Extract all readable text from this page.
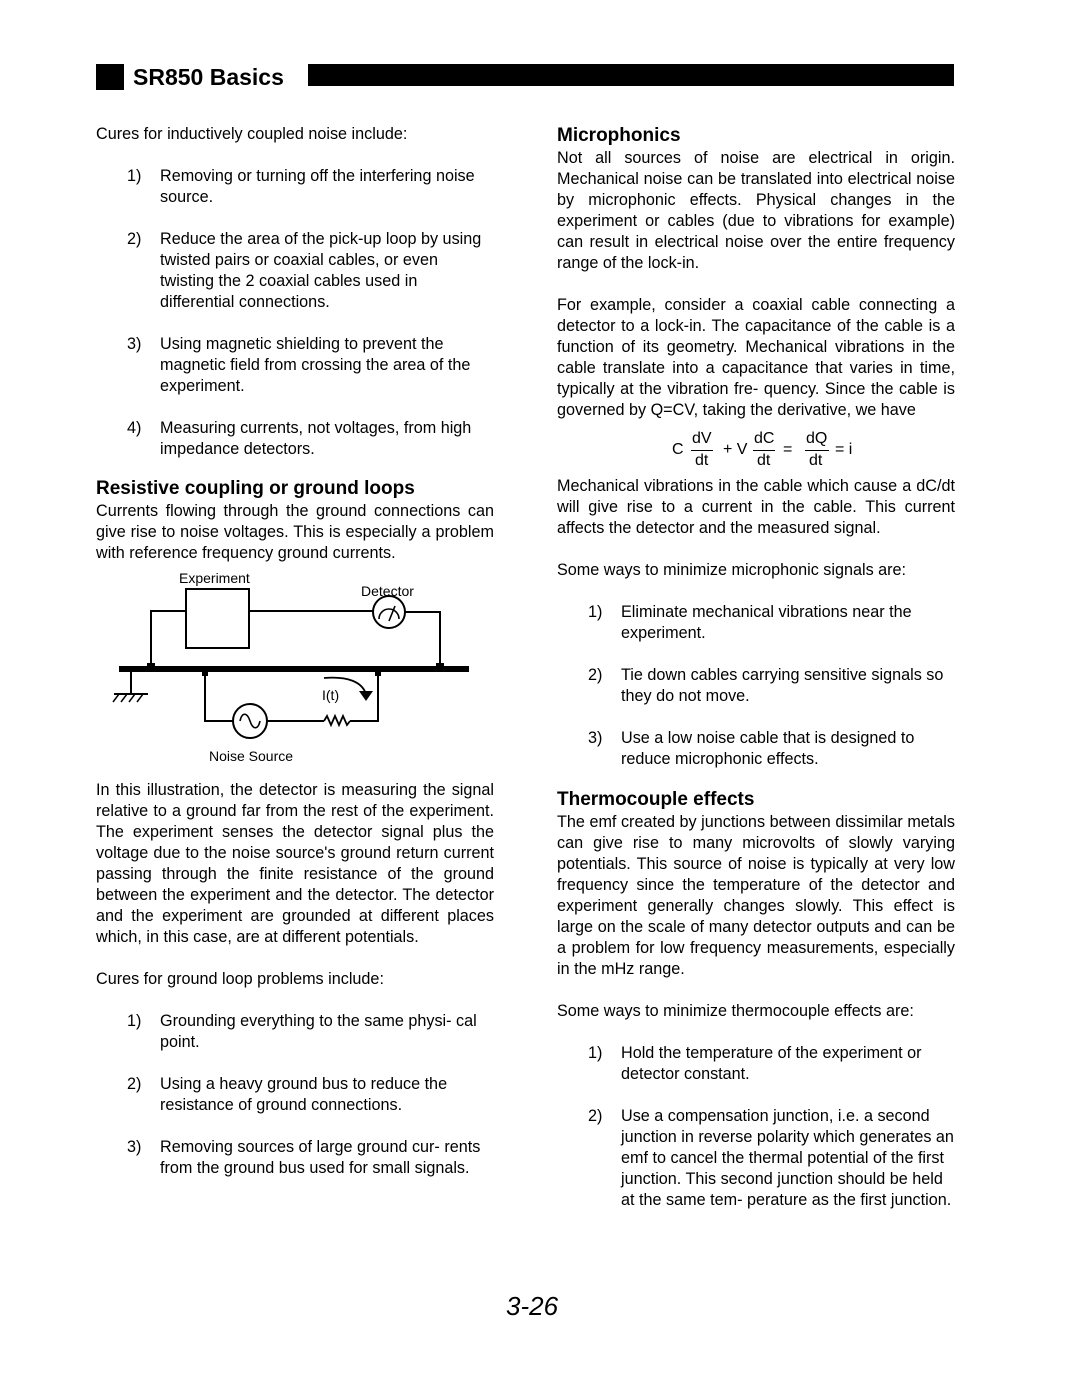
SR850 Basics

Cures for inductively coupled noise include:

1)	Removing or turning off the interfering noise source.
2)	Reduce the area of the pick-up loop by using twisted pairs or coaxial cables, or even twisting the 2 coaxial cables used in differential connections.
3)	Using magnetic shielding to prevent the magnetic field from crossing the area of the experiment.
4)	Measuring currents, not voltages, from high impedance detectors.
Resistive coupling or ground loops

Currents flowing through the ground connections can give rise to noise voltages. This is especially a problem with reference frequency ground currents.

Experiment
Detector
I(t)
Noise Source

In this illustration, the detector is measuring the signal relative to a ground far from the rest of the experiment. The experiment senses the detector signal plus the voltage due to the noise source's ground return current passing through the finite resistance of the ground between the experiment and the detector. The detector and the experiment are grounded at different places which, in this case, are at different potentials.

Cures for ground loop problems include:

1)	Grounding everything to the same physi- cal point.
2)	Using a heavy ground bus to reduce the resistance of ground connections.
3)	Removing sources of large ground cur- rents from the ground bus used for small signals.
Microphonics

Not all sources of noise are electrical in origin. Mechanical noise can be translated into electrical noise by microphonic effects. Physical changes in the experiment or cables (due to vibrations for example) can result in electrical noise over the entire frequency range of the lock-in.

For example, consider a coaxial cable connecting a detector to a lock-in. The capacitance of the cable is a function of its geometry. Mechanical vibrations in the cable translate into a capacitance that varies in time, typically at the vibration fre- quency. Since the cable is governed by Q=CV, taking the derivative, we have

C
dV
dt
+ V
dC
dt
=
dQ
dt
= i

Mechanical vibrations in the cable which cause a dC/dt will give rise to a current in the cable. This current affects the detector and the measured signal.

Some ways to minimize microphonic signals are:

1)	Eliminate mechanical vibrations near the experiment.
2)	Tie down cables carrying sensitive signals so they do not move.
3)	Use a low noise cable that is designed to reduce microphonic effects.
Thermocouple effects

The emf created by junctions between dissimilar metals can give rise to many microvolts of slowly varying potentials. This source of noise is typically at very low frequency since the temperature of the detector and experiment generally changes slowly. This effect is large on the scale of many detector outputs and can be a problem for low frequency measurements, especially in the mHz range.

Some ways to minimize thermocouple effects are:

1)	Hold the temperature of the experiment or detector constant.
2)	Use a compensation junction, i.e. a second junction in reverse polarity which generates an emf to cancel the thermal potential of the first junction. This second junction should be held at the same tem- perature as the first junction.
3-26
